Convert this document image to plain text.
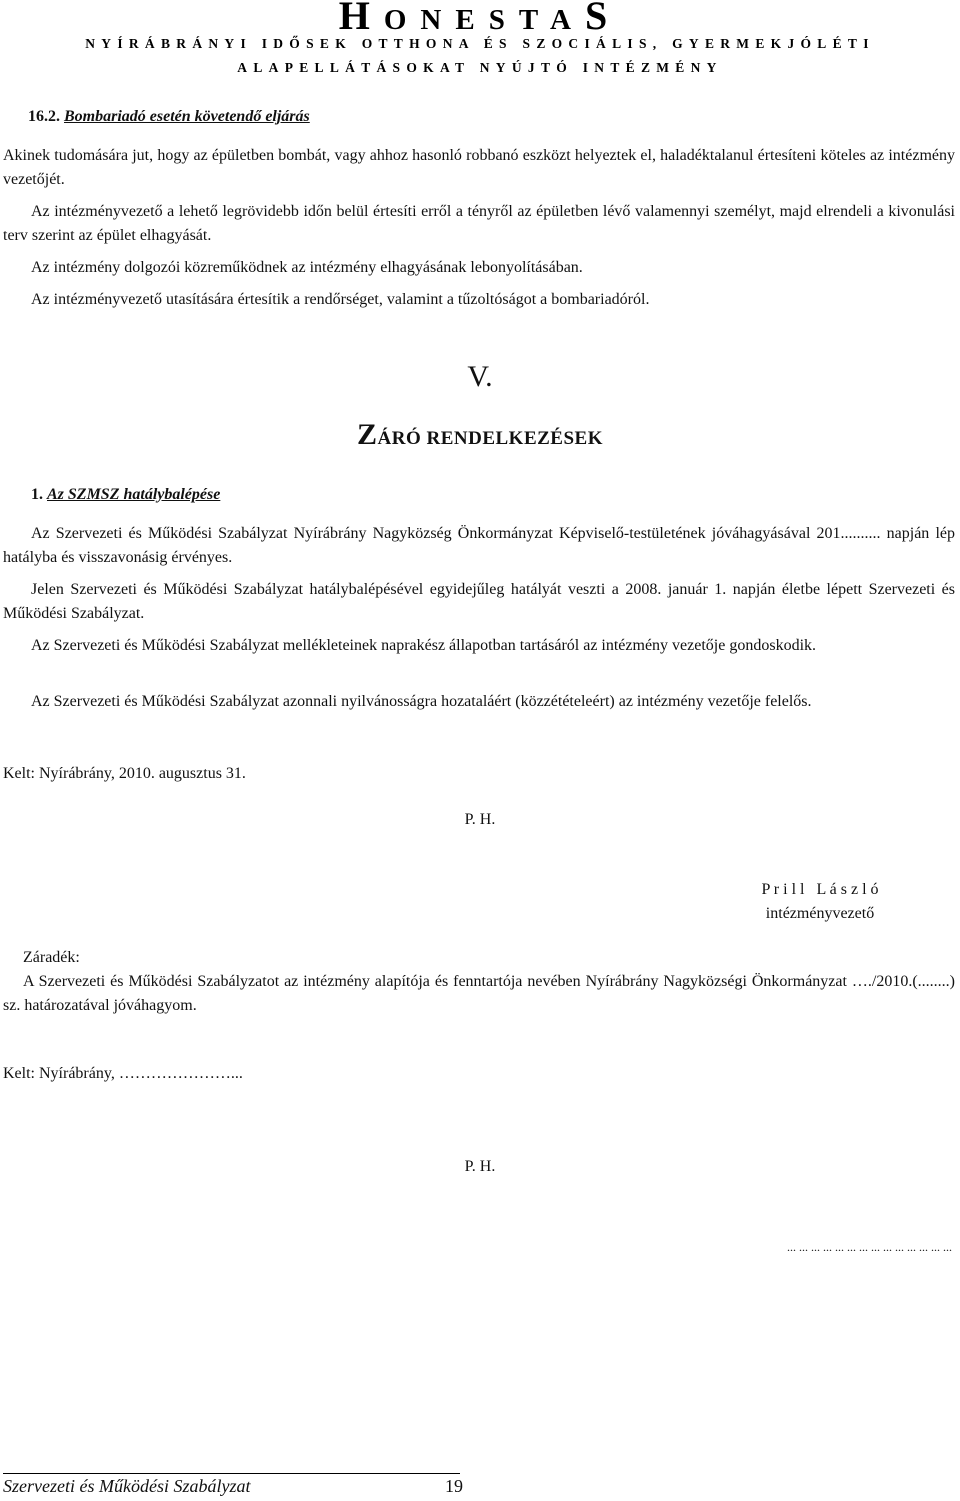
HONESTAS
NYÍRÁBRÁNYI IDŐSEK OTTHONA ÉS SZOCIÁLIS, GYERMEKJÓLÉTI
ALAPELLÁTÁSOKAT NYÚJTÓ INTÉZMÉNY
16.2. Bombariadó esetén követendő eljárás
Akinek tudomására jut, hogy az épületben bombát, vagy ahhoz hasonló robbanó eszközt helyeztek el, haladéktalanul értesíteni köteles az intézmény vezetőjét.
Az intézményvezető a lehető legrövidebb időn belül értesíti erről a tényről az épületben lévő valamennyi személyt, majd elrendeli a kivonulási terv szerint az épület elhagyását.
Az intézmény dolgozói közreműködnek az intézmény elhagyásának lebonyolításában.
Az intézményvezető utasítására értesítik a rendőrséget, valamint a tűzoltóságot a bombariadóról.
V.
ZÁRÓ RENDELKEZÉSEK
1. Az SZMSZ hatálybalépése
Az Szervezeti és Működési Szabályzat Nyírábrány Nagyközség Önkormányzat Képviselő-testületének jóváhagyásával 201.......... napján lép hatályba és visszavonásig érvényes.
Jelen Szervezeti és Működési Szabályzat hatálybalépésével egyidejűleg hatályát veszti a 2008. január 1. napján életbe lépett Szervezeti és Működési Szabályzat.
Az Szervezeti és Működési Szabályzat mellékleteinek naprakész állapotban tartásáról az intézmény vezetője gondoskodik.
Az Szervezeti és Működési Szabályzat azonnali nyilvánosságra hozataláért (közzétételeért) az intézmény vezetője felelős.
Kelt: Nyírábrány, 2010. augusztus 31.
P. H.
P r i l l   L á s z l ó
intézményvezető
Záradék:
A Szervezeti és Működési Szabályzatot az intézmény alapítója és fenntartója nevében Nyírábrány Nagyközségi Önkormányzat …./2010.(........) sz. határozatával jóváhagyom.
Kelt: Nyírábrány, …………………...
P. H.
... ... ... ... ... ... ... ... ... ... ... ... ... ...
Szervezeti és Működési Szabályzat	19
